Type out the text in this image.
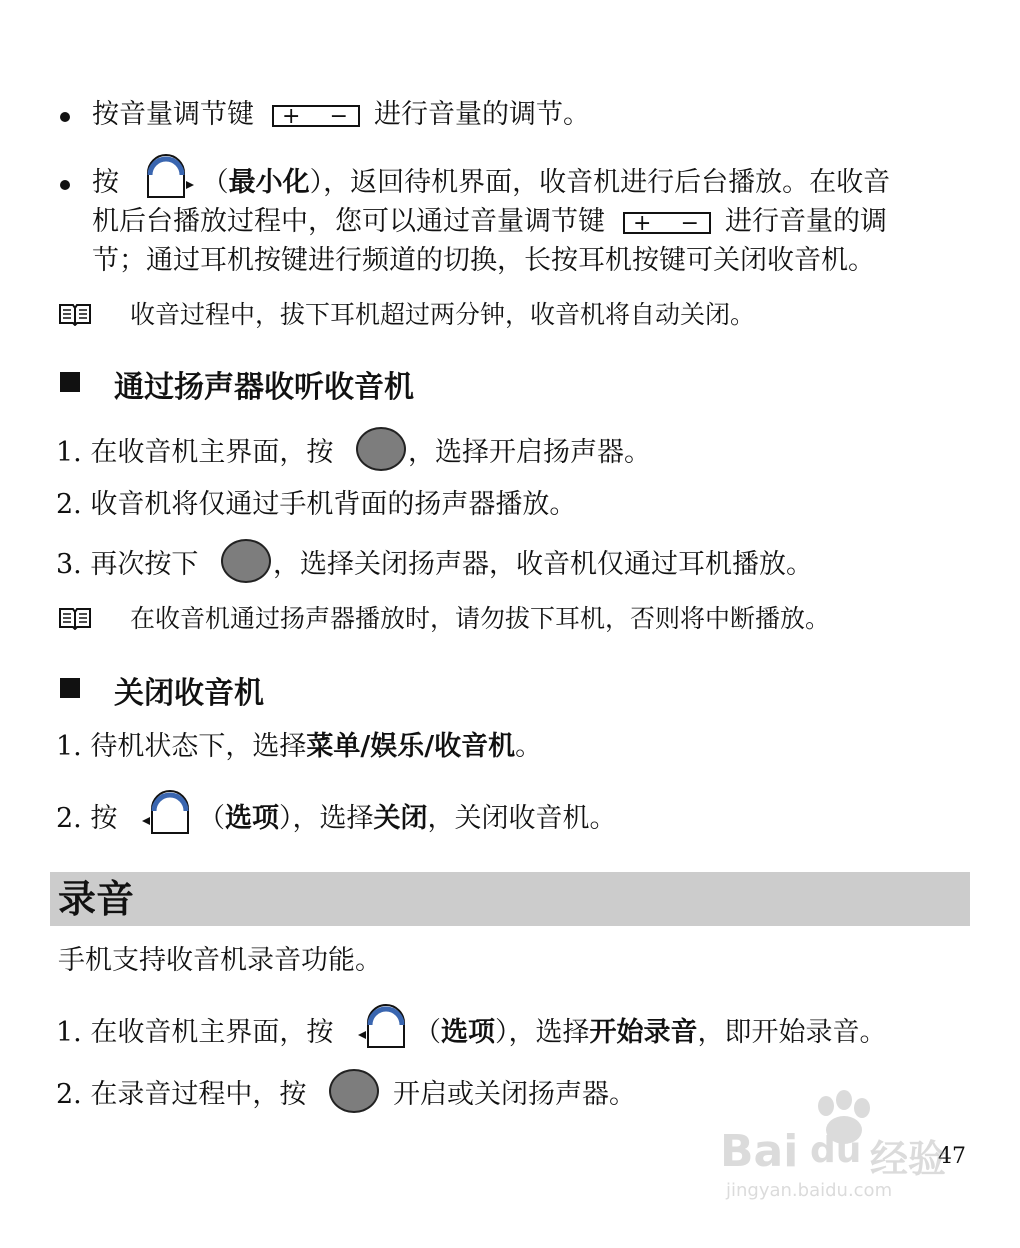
按音量调节键 + − 进行音量的调节。
按	（最小化），返回待机界面，收音机进行后台播放。在收音
机后台播放过程中，您可以通过音量调节键 + − 进行音量的调
节；通过耳机按键进行频道的切换，长按耳机按键可关闭收音机。
收音过程中，拔下耳机超过两分钟，收音机将自动关闭。
通过扬声器收听收音机
1. 在收音机主界面，按	，选择开启扬声器。
2. 收音机将仅通过手机背面的扬声器播放。
3. 再次按下	，选择关闭扬声器，收音机仅通过耳机播放。
在收音机通过扬声器播放时，请勿拔下耳机，否则将中断播放。
关闭收音机
1. 待机状态下，选择菜单/娱乐/收音机。
2. 按	（选项），选择关闭，关闭收音机。
录音
手机支持收音机录音功能。
1. 在收音机主界面，按	（选项），选择开始录音，即开始录音。
2. 在录音过程中，按	开启或关闭扬声器。
47
Bai du 经验
jingyan.baidu.com
